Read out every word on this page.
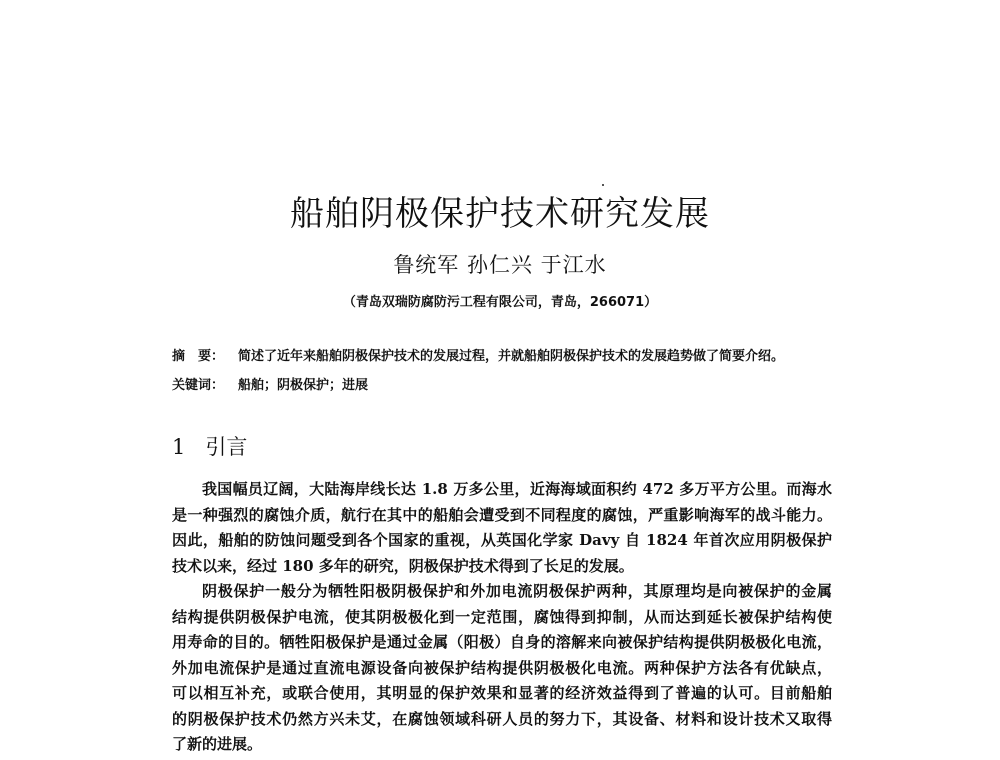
船舶阴极保护技术研究发展
鲁统军 孙仁兴 于江水
（青岛双瑞防腐防污工程有限公司，青岛，266071）
摘　要： 简述了近年来船舶阴极保护技术的发展过程，并就船舶阴极保护技术的发展趋势做了简要介绍。
关键词： 船舶；阴极保护；进展
1 引言
我国幅员辽阔，大陆海岸线长达 1.8 万多公里，近海海域面积约 472 多万平方公里。而海水
是一种强烈的腐蚀介质，航行在其中的船舶会遭受到不同程度的腐蚀，严重影响海军的战斗能力。
因此，船舶的防蚀问题受到各个国家的重视，从英国化学家 Davy 自 1824 年首次应用阴极保护
技术以来，经过 180 多年的研究，阴极保护技术得到了长足的发展。
阴极保护一般分为牺牲阳极阴极保护和外加电流阴极保护两种，其原理均是向被保护的金属
结构提供阴极保护电流，使其阴极极化到一定范围，腐蚀得到抑制，从而达到延长被保护结构使
用寿命的目的。牺牲阳极保护是通过金属（阳极）自身的溶解来向被保护结构提供阴极极化电流，
外加电流保护是通过直流电源设备向被保护结构提供阴极极化电流。两种保护方法各有优缺点，
可以相互补充，或联合使用，其明显的保护效果和显著的经济效益得到了普遍的认可。目前船舶
的阴极保护技术仍然方兴未艾，在腐蚀领域科研人员的努力下，其设备、材料和设计技术又取得
了新的进展。
